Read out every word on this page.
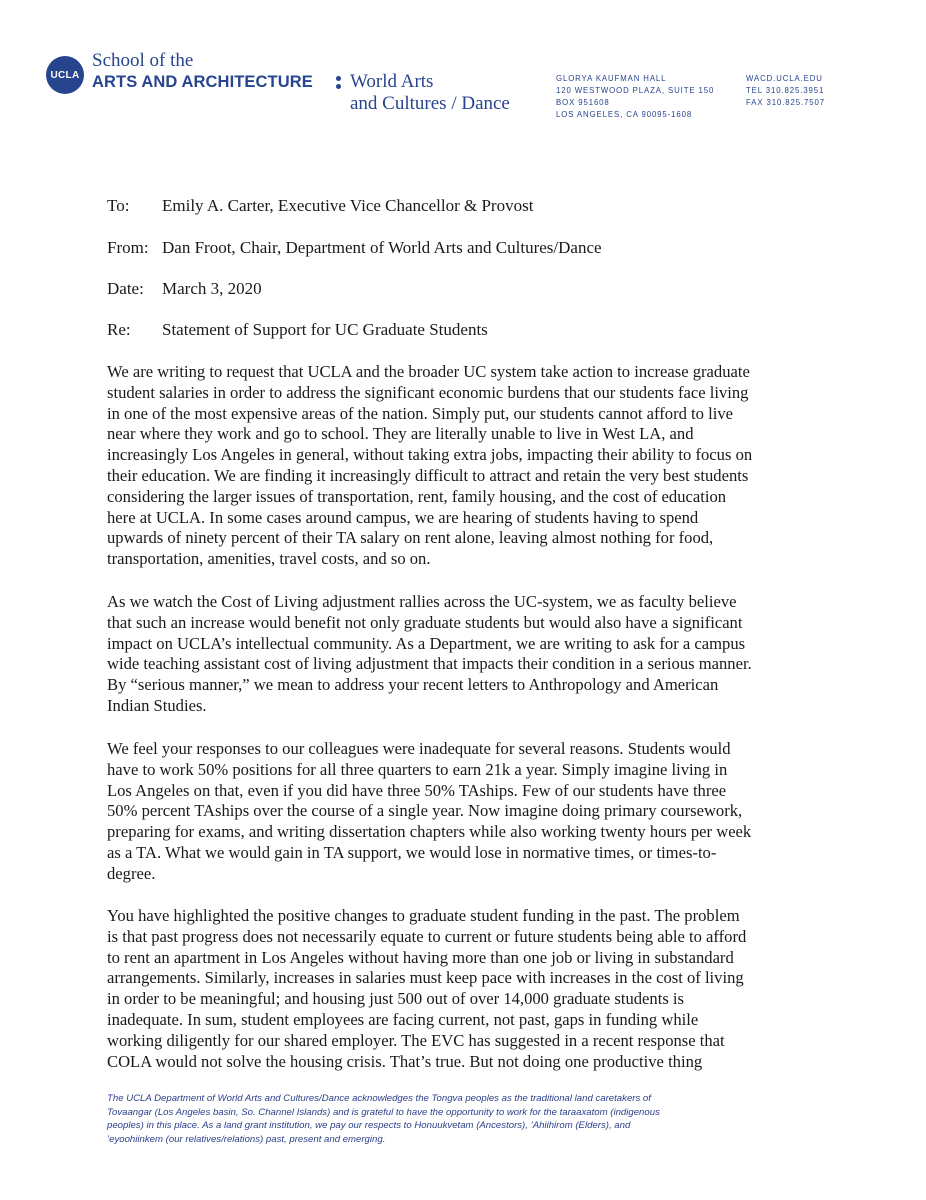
UCLA
School of the
ARTS AND ARCHITECTURE World Arts
and Cultures / Dance
GLORYA KAUFMAN HALL
120 WESTWOOD PLAZA, SUITE 150
BOX 951608
LOS ANGELES, CA 90095-1608
WACD.UCLA.EDU
TEL 310.825.3951
FAX 310.825.7507
To: Emily A. Carter, Executive Vice Chancellor & Provost
From: Dan Froot, Chair, Department of World Arts and Cultures/Dance
Date: March 3, 2020
Re: Statement of Support for UC Graduate Students
We are writing to request that UCLA and the broader UC system take action to increase graduate
student salaries in order to address the significant economic burdens that our students face living
in one of the most expensive areas of the nation. Simply put, our students cannot afford to live
near where they work and go to school. They are literally unable to live in West LA, and
increasingly Los Angeles in general, without taking extra jobs, impacting their ability to focus on
their education. We are finding it increasingly difficult to attract and retain the very best students
considering the larger issues of transportation, rent, family housing, and the cost of education
here at UCLA. In some cases around campus, we are hearing of students having to spend
upwards of ninety percent of their TA salary on rent alone, leaving almost nothing for food,
transportation, amenities, travel costs, and so on.
As we watch the Cost of Living adjustment rallies across the UC-system, we as faculty believe
that such an increase would benefit not only graduate students but would also have a significant
impact on UCLA’s intellectual community. As a Department, we are writing to ask for a campus
wide teaching assistant cost of living adjustment that impacts their condition in a serious manner.
By “serious manner,” we mean to address your recent letters to Anthropology and American
Indian Studies.
We feel your responses to our colleagues were inadequate for several reasons. Students would
have to work 50% positions for all three quarters to earn 21k a year. Simply imagine living in
Los Angeles on that, even if you did have three 50% TAships. Few of our students have three
50% percent TAships over the course of a single year. Now imagine doing primary coursework,
preparing for exams, and writing dissertation chapters while also working twenty hours per week
as a TA. What we would gain in TA support, we would lose in normative times, or times-to-
degree.
You have highlighted the positive changes to graduate student funding in the past. The problem
is that past progress does not necessarily equate to current or future students being able to afford
to rent an apartment in Los Angeles without having more than one job or living in substandard
arrangements. Similarly, increases in salaries must keep pace with increases in the cost of living
in order to be meaningful; and housing just 500 out of over 14,000 graduate students is
inadequate. In sum, student employees are facing current, not past, gaps in funding while
working diligently for our shared employer. The EVC has suggested in a recent response that
COLA would not solve the housing crisis. That’s true. But not doing one productive thing
The UCLA Department of World Arts and Cultures/Dance acknowledges the Tongva peoples as the traditional land caretakers of
Tovaangar (Los Angeles basin, So. Channel Islands) and is grateful to have the opportunity to work for the taraaxatom (indigenous
peoples) in this place. As a land grant institution, we pay our respects to Honuukvetam (Ancestors), ’Ahiihirom (Elders), and
’eyoohiinkem (our relatives/relations) past, present and emerging.
